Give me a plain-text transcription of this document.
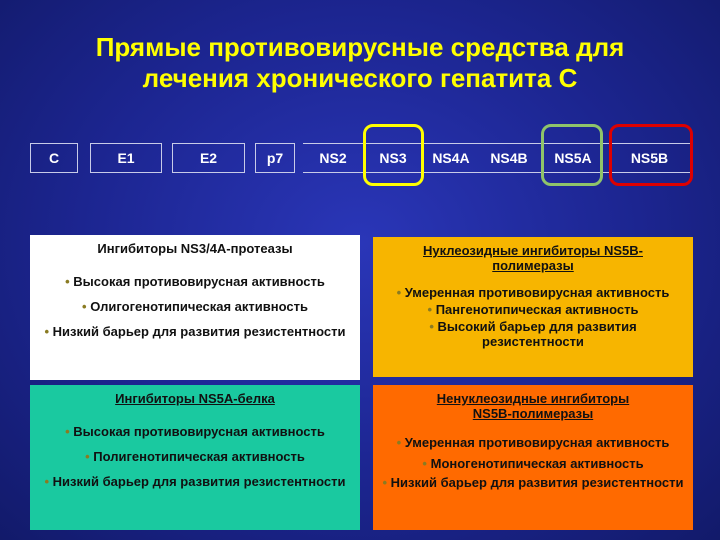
Прямые противовирусные средства для
лечения хронического гепатита С
C	E1	E2	p7	NS2	NS3	NS4A	NS4B	NS5A	NS5B
Ингибиторы NS3/4A-протеазы

• Высокая противовирусная активность

• Олигогенотипическая активность

• Низкий барьер для развития резистентности

Нуклеозидные ингибиторы NS5B-полимеразы

• Умеренная противовирусная активность

• Пангенотипическая активность

• Высокий барьер для развития резистентности

Ингибиторы NS5A-белка

• Высокая противовирусная активность

• Полигенотипическая активность

• Низкий барьер для развития резистентности

Ненуклеозидные ингибиторы NS5B-полимеразы

• Умеренная противовирусная активность

• Моногенотипическая активность

• Низкий барьер для развития резистентности
